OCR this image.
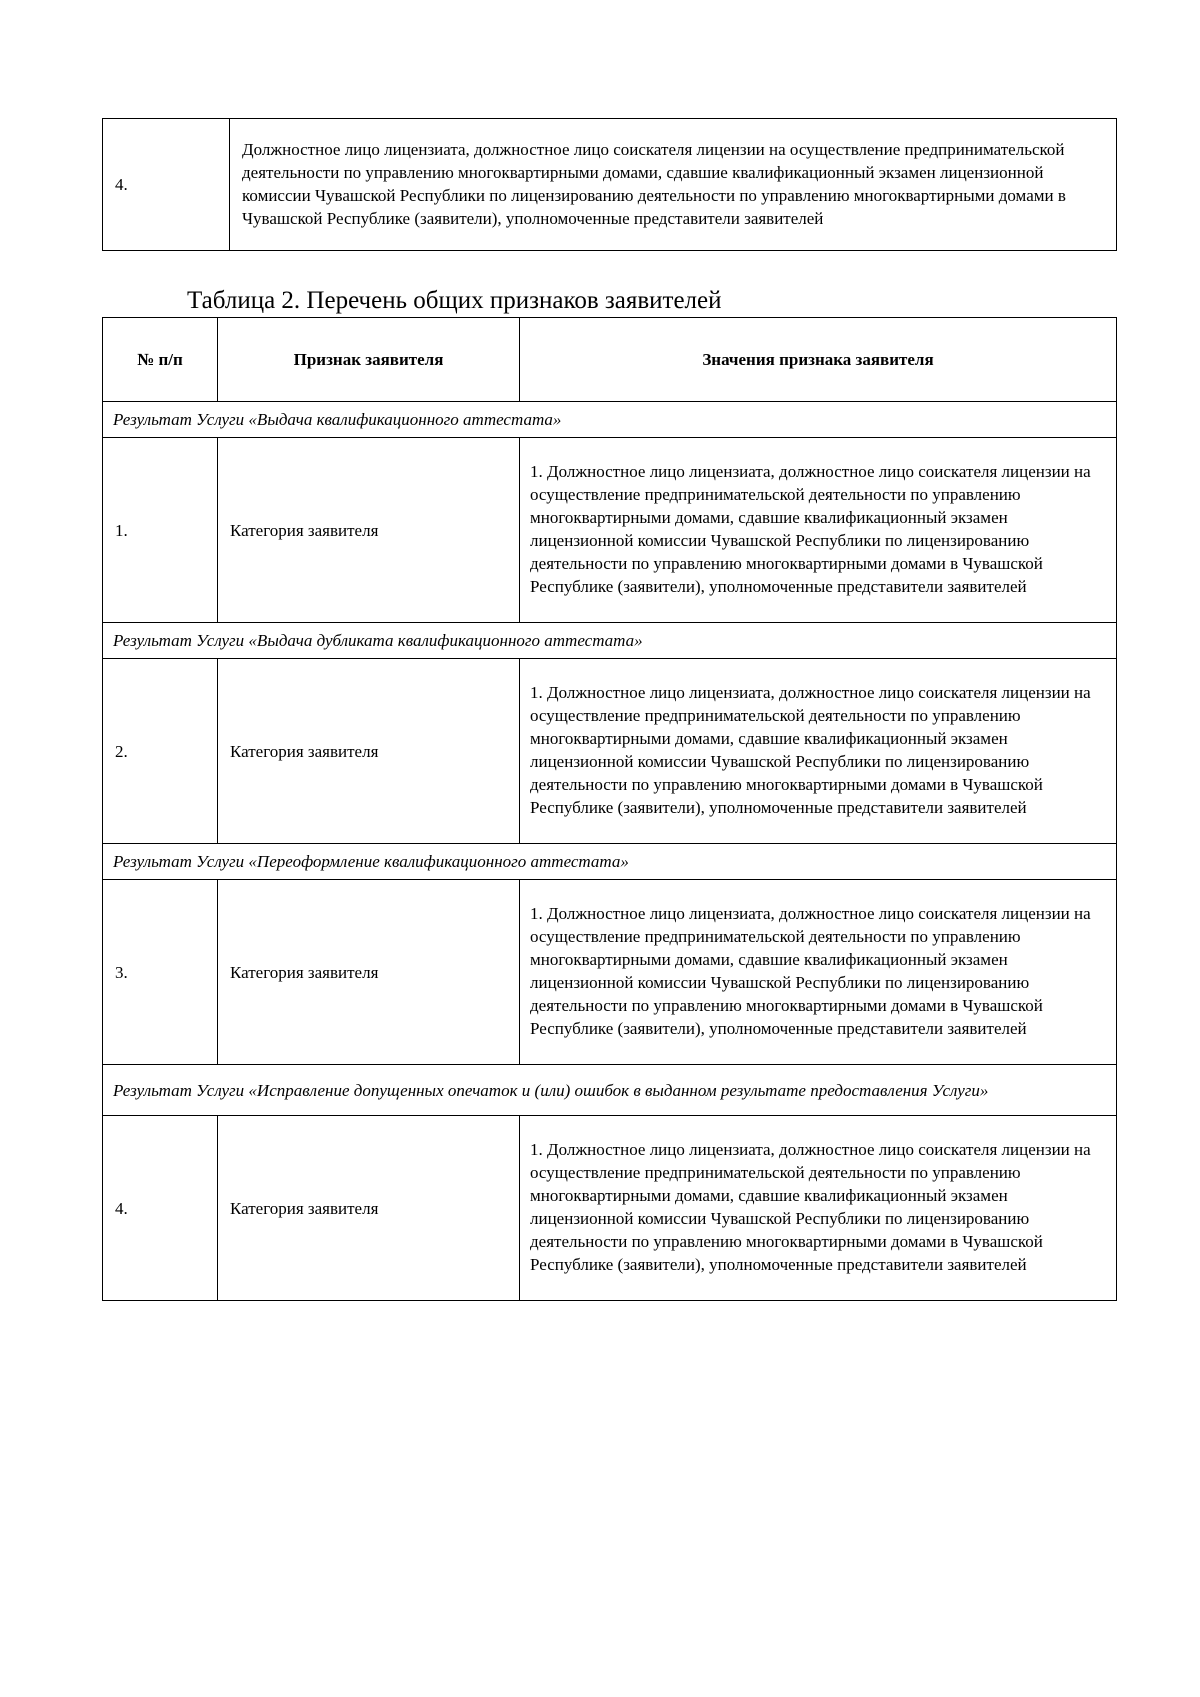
4.	Должностное лицо лицензиата, должностное лицо соискателя лицензии на осуществление предпринимательской деятельности по управлению многоквартирными домами, сдавшие квалификационный экзамен лицензионной комиссии Чувашской Республики по лицензированию деятельности по управлению многоквартирными домами в Чувашской Республике (заявители), уполномоченные представители заявителей
Таблица 2. Перечень общих признаков заявителей
№ п/п	Признак заявителя	Значения признака заявителя
Результат Услуги «Выдача квалификационного аттестата»		
1.	Категория заявителя	1. Должностное лицо лицензиата, должностное лицо соискателя лицензии на осуществление предпринимательской деятельности по управлению многоквартирными домами, сдавшие квалификационный экзамен лицензионной комиссии Чувашской Республики по лицензированию деятельности по управлению многоквартирными домами в Чувашской Республике (заявители), уполномоченные представители заявителей
Результат Услуги «Выдача дубликата квалификационного аттестата»		
2.	Категория заявителя	1. Должностное лицо лицензиата, должностное лицо соискателя лицензии на осуществление предпринимательской деятельности по управлению многоквартирными домами, сдавшие квалификационный экзамен лицензионной комиссии Чувашской Республики по лицензированию деятельности по управлению многоквартирными домами в Чувашской Республике (заявители), уполномоченные представители заявителей
Результат Услуги «Переоформление квалификационного аттестата»		
3.	Категория заявителя	1. Должностное лицо лицензиата, должностное лицо соискателя лицензии на осуществление предпринимательской деятельности по управлению многоквартирными домами, сдавшие квалификационный экзамен лицензионной комиссии Чувашской Республики по лицензированию деятельности по управлению многоквартирными домами в Чувашской Республике (заявители), уполномоченные представители заявителей
Результат Услуги «Исправление допущенных опечаток и (или) ошибок в выданном результате предоставления Услуги»		
4.	Категория заявителя	1. Должностное лицо лицензиата, должностное лицо соискателя лицензии на осуществление предпринимательской деятельности по управлению многоквартирными домами, сдавшие квалификационный экзамен лицензионной комиссии Чувашской Республики по лицензированию деятельности по управлению многоквартирными домами в Чувашской Республике (заявители), уполномоченные представители заявителей
